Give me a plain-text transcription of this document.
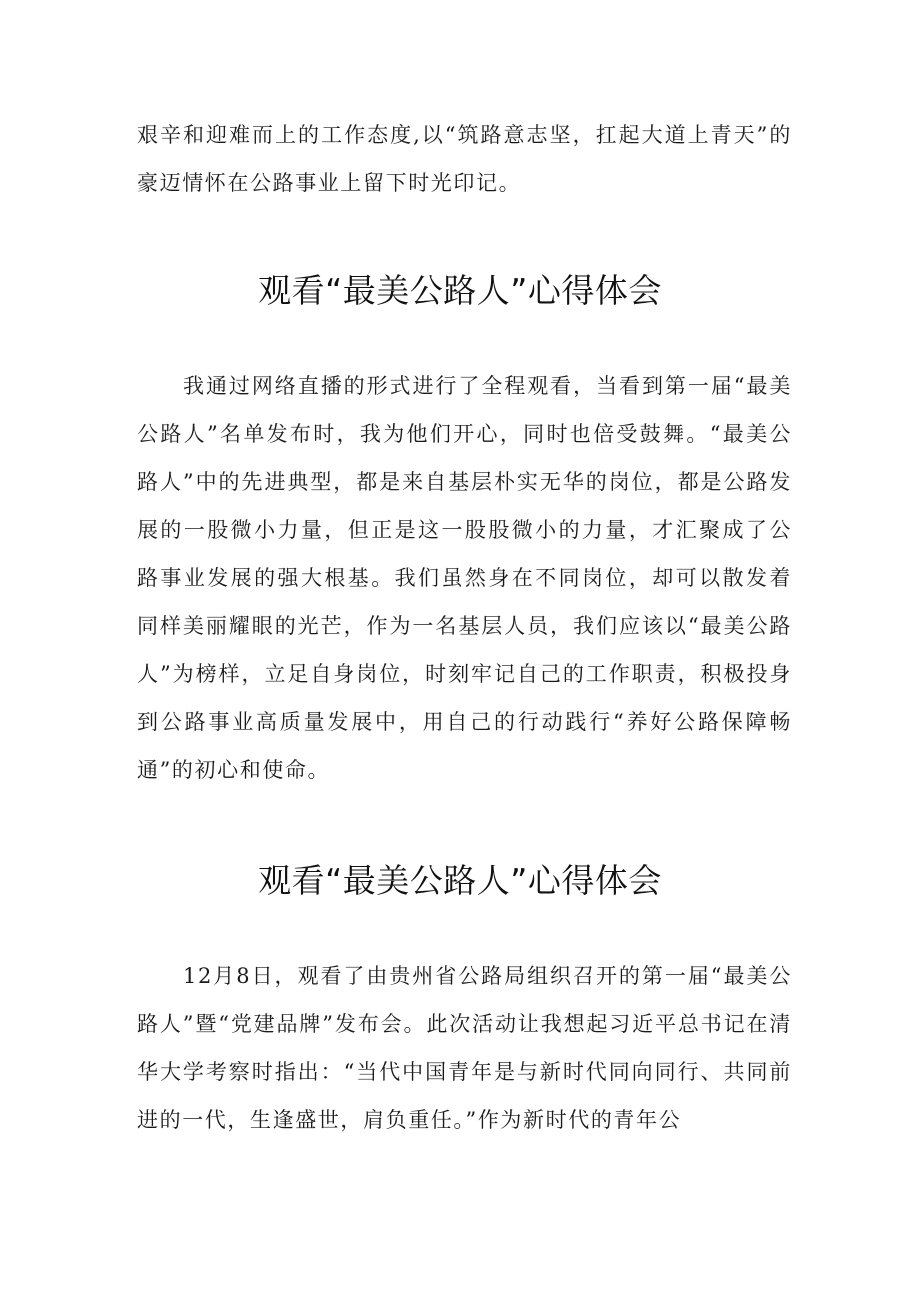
艰辛和迎难而上的工作态度,以“筑路意志坚，扛起大道上青天”的豪迈情怀在公路事业上留下时光印记。

观看“最美公路人”心得体会

我通过网络直播的形式进行了全程观看，当看到第一届“最美公路人”名单发布时，我为他们开心，同时也倍受鼓舞。“最美公路人”中的先进典型，都是来自基层朴实无华的岗位，都是公路发展的一股微小力量，但正是这一股股微小的力量，才汇聚成了公路事业发展的强大根基。我们虽然身在不同岗位，却可以散发着同样美丽耀眼的光芒，作为一名基层人员，我们应该以“最美公路人”为榜样，立足自身岗位，时刻牢记自己的工作职责，积极投身到公路事业高质量发展中，用自己的行动践行“养好公路保障畅通”的初心和使命。

观看“最美公路人”心得体会

12月8日，观看了由贵州省公路局组织召开的第一届“最美公路人”暨“党建品牌”发布会。此次活动让我想起习近平总书记在清华大学考察时指出：“当代中国青年是与新时代同向同行、共同前进的一代，生逢盛世，肩负重任。”作为新时代的青年公
